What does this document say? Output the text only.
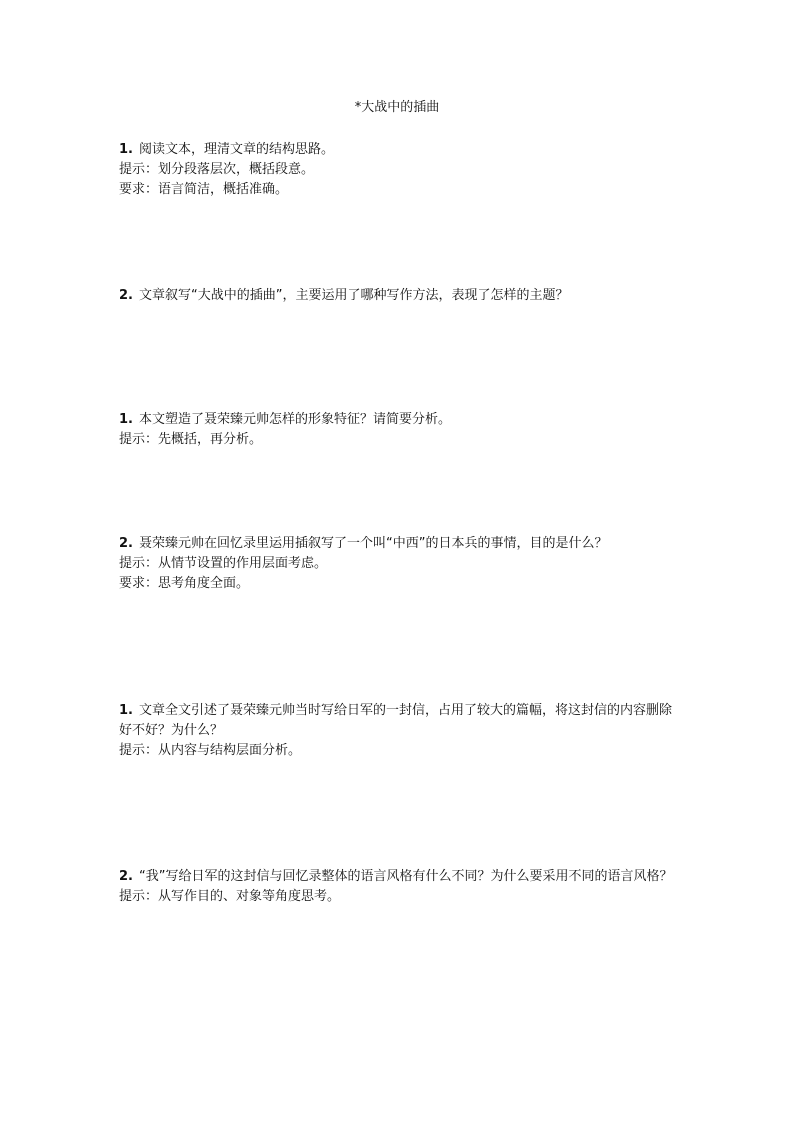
*大战中的插曲
1. 阅读文本，理清文章的结构思路。
提示：划分段落层次，概括段意。
要求：语言简洁，概括准确。
2. 文章叙写“大战中的插曲”，主要运用了哪种写作方法，表现了怎样的主题？
1. 本文塑造了聂荣臻元帅怎样的形象特征？请简要分析。
提示：先概括，再分析。
2. 聂荣臻元帅在回忆录里运用插叙写了一个叫“中西”的日本兵的事情，目的是什么？
提示：从情节设置的作用层面考虑。
要求：思考角度全面。
1. 文章全文引述了聂荣臻元帅当时写给日军的一封信，占用了较大的篇幅，将这封信的内容删除好不好？为什么？
提示：从内容与结构层面分析。
2. “我”写给日军的这封信与回忆录整体的语言风格有什么不同？为什么要采用不同的语言风格？
提示：从写作目的、对象等角度思考。
